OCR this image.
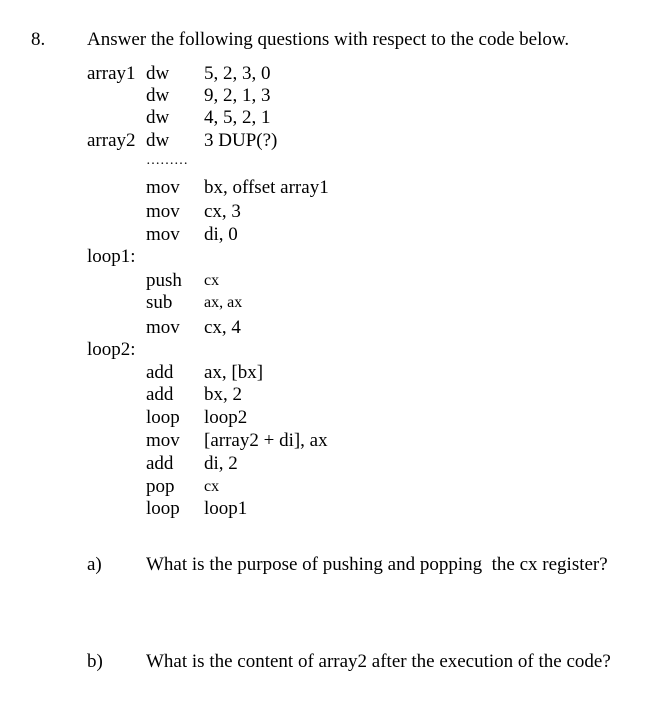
8. Answer the following questions with respect to the code below.
array1 dw 5, 2, 3, 0
dw 9, 2, 1, 3
dw 4, 5, 2, 1
array2 dw 3 DUP(?)
………
mov bx, offset array1
mov cx, 3
mov di, 0
loop1:
push cx
sub ax, ax
mov cx, 4
loop2:
add ax, [bx]
add bx, 2
loop loop2
mov [array2 + di], ax
add di, 2
pop cx
loop loop1
a) What is the purpose of pushing and popping  the cx register?
b) What is the content of array2 after the execution of the code?
